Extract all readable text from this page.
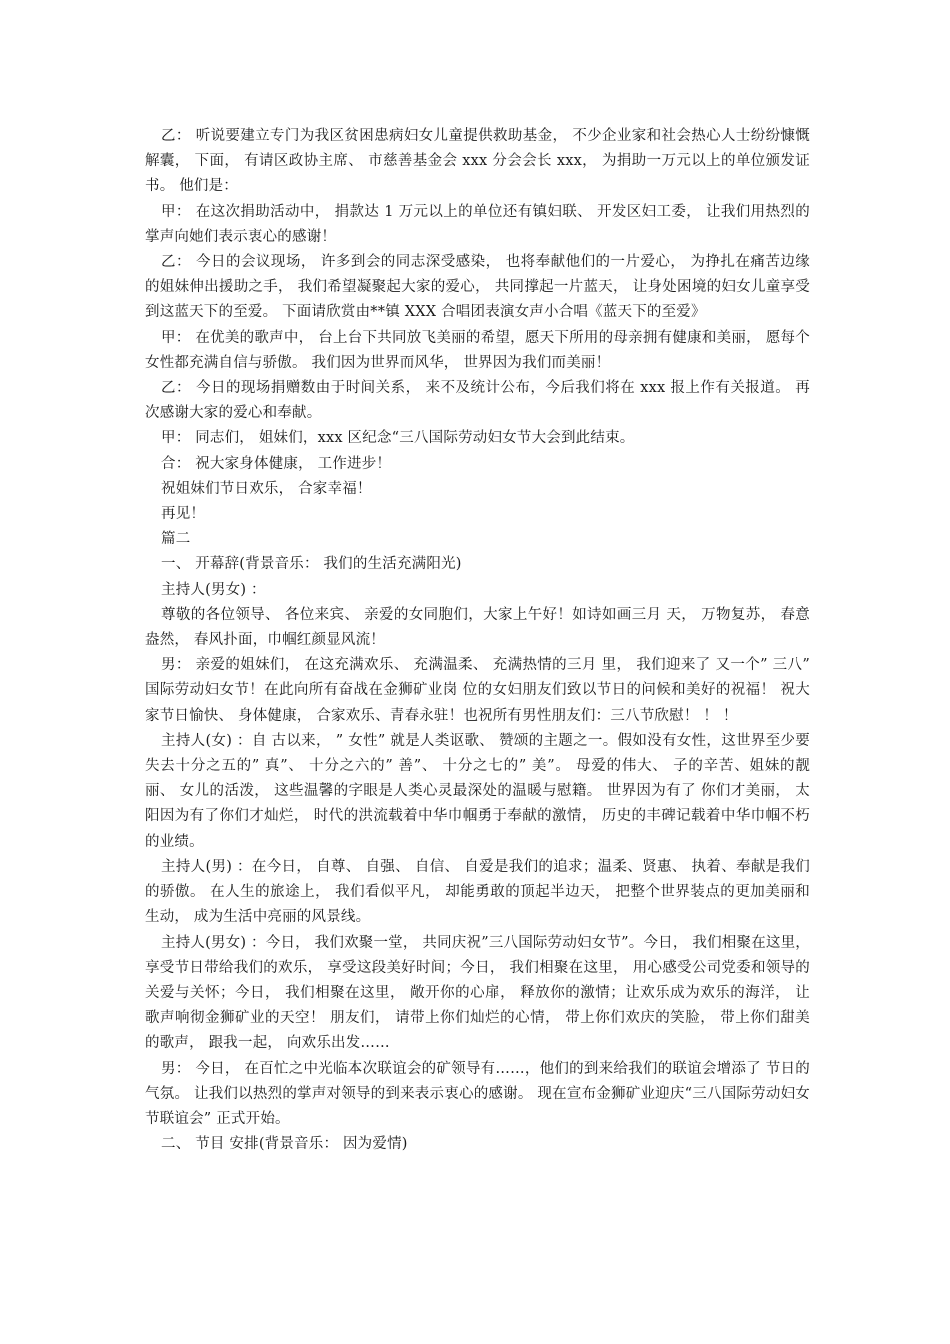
乙： 听说要建立专门为我区贫困患病妇女儿童提供救助基金， 不少企业家和社会热心人士纷纷慷慨解囊， 下面， 有请区政协主席、 市慈善基金会 xxx 分会会长 xxx， 为捐助一万元以上的单位颁发证书。 他们是：

甲： 在这次捐助活动中， 捐款达 1 万元以上的单位还有镇妇联、 开发区妇工委， 让我们用热烈的掌声向她们表示衷心的感谢！

乙： 今日的会议现场， 许多到会的同志深受感染， 也将奉献他们的一片爱心， 为挣扎在痛苦边缘的姐妹伸出援助之手， 我们希望凝聚起大家的爱心， 共同撑起一片蓝天， 让身处困境的妇女儿童享受到这蓝天下的至爱。 下面请欣赏由**镇 XXX 合唱团表演女声小合唱《蓝天下的至爱》

甲： 在优美的歌声中， 台上台下共同放飞美丽的希望，愿天下所用的母亲拥有健康和美丽， 愿每个女性都充满自信与骄傲。 我们因为世界而风华， 世界因为我们而美丽！

乙： 今日的现场捐赠数由于时间关系， 来不及统计公布，今后我们将在 xxx 报上作有关报道。 再次感谢大家的爱心和奉献。

甲： 同志们， 姐妹们，xxx 区纪念“三八国际劳动妇女节大会到此结束。

合： 祝大家身体健康， 工作进步！

祝姐妹们节日欢乐， 合家幸福！

再见！

篇二

一、 开幕辞(背景音乐： 我们的生活充满阳光)

主持人(男女) ：

尊敬的各位领导、 各位来宾、 亲爱的女同胞们，大家上午好！如诗如画三月 天， 万物复苏， 春意盎然， 春风扑面，巾帼红颜显风流！

男： 亲爱的姐妹们， 在这充满欢乐、 充满温柔、 充满热情的三月 里， 我们迎来了 又一个” 三八” 国际劳动妇女节！在此向所有奋战在金狮矿业岗 位的女妇朋友们致以节日的问候和美好的祝福！ 祝大家节日愉快、 身体健康， 合家欢乐、青春永驻！也祝所有男性朋友们：三八节欣慰！ ！ ！

主持人(女) ：自 古以来， ” 女性” 就是人类讴歌、 赞颂的主题之一。假如没有女性，这世界至少要失去十分之五的” 真”、 十分之六的” 善”、 十分之七的” 美”。 母爱的伟大、 子的辛苦、姐妹的靓丽、 女儿的活泼， 这些温馨的字眼是人类心灵最深处的温暖与慰籍。 世界因为有了 你们才美丽， 太阳因为有了你们才灿烂， 时代的洪流载着中华巾帼勇于奉献的激情， 历史的丰碑记载着中华巾帼不朽的业绩。

主持人(男) ：在今日， 自尊、 自强、 自信、 自爱是我们的追求；温柔、贤惠、 执着、奉献是我们的骄傲。 在人生的旅途上， 我们看似平凡， 却能勇敢的顶起半边天， 把整个世界装点的更加美丽和生动， 成为生活中亮丽的风景线。

主持人(男女) ：今日， 我们欢聚一堂， 共同庆祝”三八国际劳动妇女节”。今日， 我们相聚在这里， 享受节日带给我们的欢乐， 享受这段美好时间；今日， 我们相聚在这里， 用心感受公司党委和领导的关爱与关怀；今日， 我们相聚在这里， 敞开你的心扉， 释放你的激情；让欢乐成为欢乐的海洋， 让歌声响彻金狮矿业的天空！ 朋友们， 请带上你们灿烂的心情， 带上你们欢庆的笑脸， 带上你们甜美的歌声， 跟我一起， 向欢乐出发……

男： 今日， 在百忙之中光临本次联谊会的矿领导有……，他们的到来给我们的联谊会增添了 节日的气氛。 让我们以热烈的掌声对领导的到来表示衷心的感谢。 现在宣布金狮矿业迎庆“三八国际劳动妇女节联谊会” 正式开始。

二、 节目 安排(背景音乐： 因为爱情)
